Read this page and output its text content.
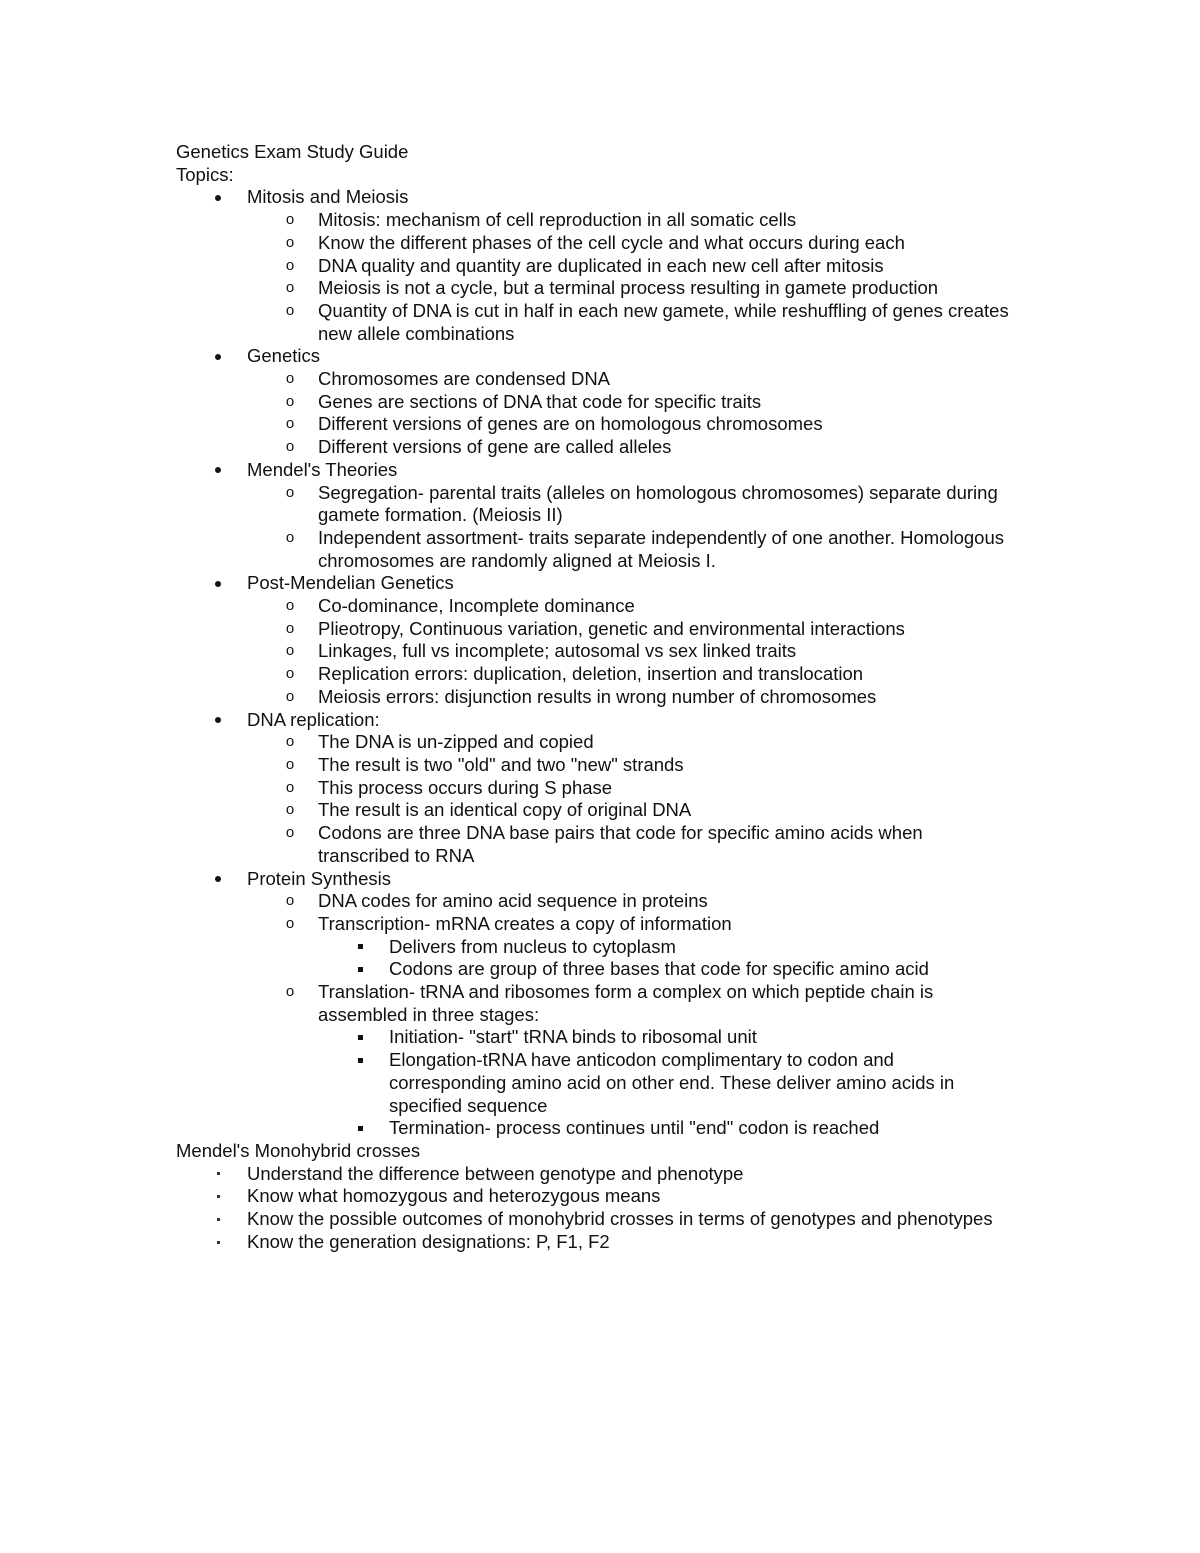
Genetics Exam Study Guide

Topics:

Mitosis and Meiosis
o Mitosis: mechanism of cell reproduction in all somatic cells
o Know the different phases of the cell cycle and what occurs during each
o DNA quality and quantity are duplicated in each new cell after mitosis
o Meiosis is not a cycle, but a terminal process resulting in gamete production
o Quantity of DNA is cut in half in each new gamete, while reshuffling of genes creates new allele combinations
Genetics
o Chromosomes are condensed DNA
o Genes are sections of DNA that code for specific traits
o Different versions of genes are on homologous chromosomes
o Different versions of gene are called alleles
Mendel's Theories
o Segregation- parental traits (alleles on homologous chromosomes) separate during gamete formation. (Meiosis II)
o Independent assortment- traits separate independently of one another. Homologous chromosomes are randomly aligned at Meiosis I.
Post-Mendelian Genetics
o Co-dominance, Incomplete dominance
o Plieotropy, Continuous variation, genetic and environmental interactions
o Linkages, full vs incomplete; autosomal vs sex linked traits
o Replication errors: duplication, deletion, insertion and translocation
o Meiosis errors: disjunction results in wrong number of chromosomes
DNA replication:
o The DNA is un-zipped and copied
o The result is two "old" and two "new" strands
o This process occurs during S phase
o The result is an identical copy of original DNA
o Codons are three DNA base pairs that code for specific amino acids when transcribed to RNA
Protein Synthesis
o DNA codes for amino acid sequence in proteins
o Transcription- mRNA creates a copy of information
Delivers from nucleus to cytoplasm
Codons are group of three bases that code for specific amino acid
o Translation- tRNA and ribosomes form a complex on which peptide chain is assembled in three stages:
Initiation- "start" tRNA binds to ribosomal unit
Elongation-tRNA have anticodon complimentary to codon and corresponding amino acid on other end. These deliver amino acids in specified sequence
Termination- process continues until "end" codon is reached

Mendel's Monohybrid crosses

Understand the difference between genotype and phenotype
Know what homozygous and heterozygous means
Know the possible outcomes of monohybrid crosses in terms of genotypes and phenotypes
Know the generation designations: P, F1, F2
